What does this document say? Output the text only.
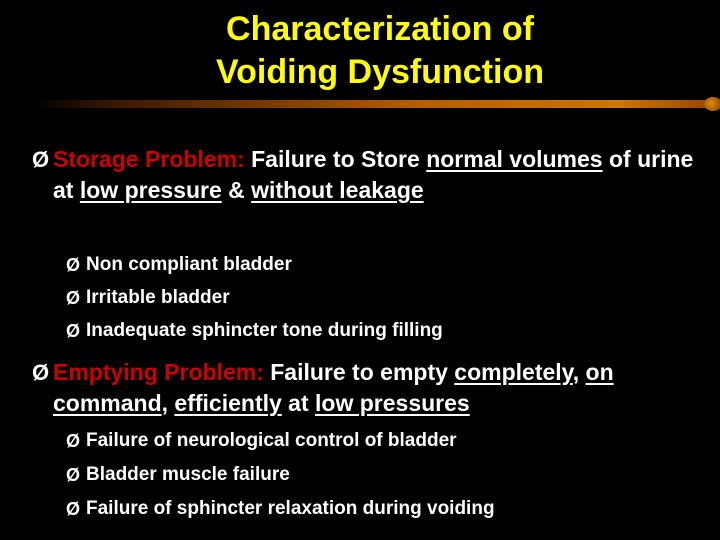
Characterization of
Voiding Dysfunction
Ø Storage Problem: Failure to Store normal volumes of urine at low pressure & without leakage
Ø Non compliant bladder
Ø Irritable bladder
Ø Inadequate sphincter tone during filling
Ø Emptying Problem: Failure to empty completely, on command, efficiently at low pressures
Ø Failure of neurological control of bladder
Ø Bladder muscle failure
Ø Failure of sphincter relaxation during voiding
